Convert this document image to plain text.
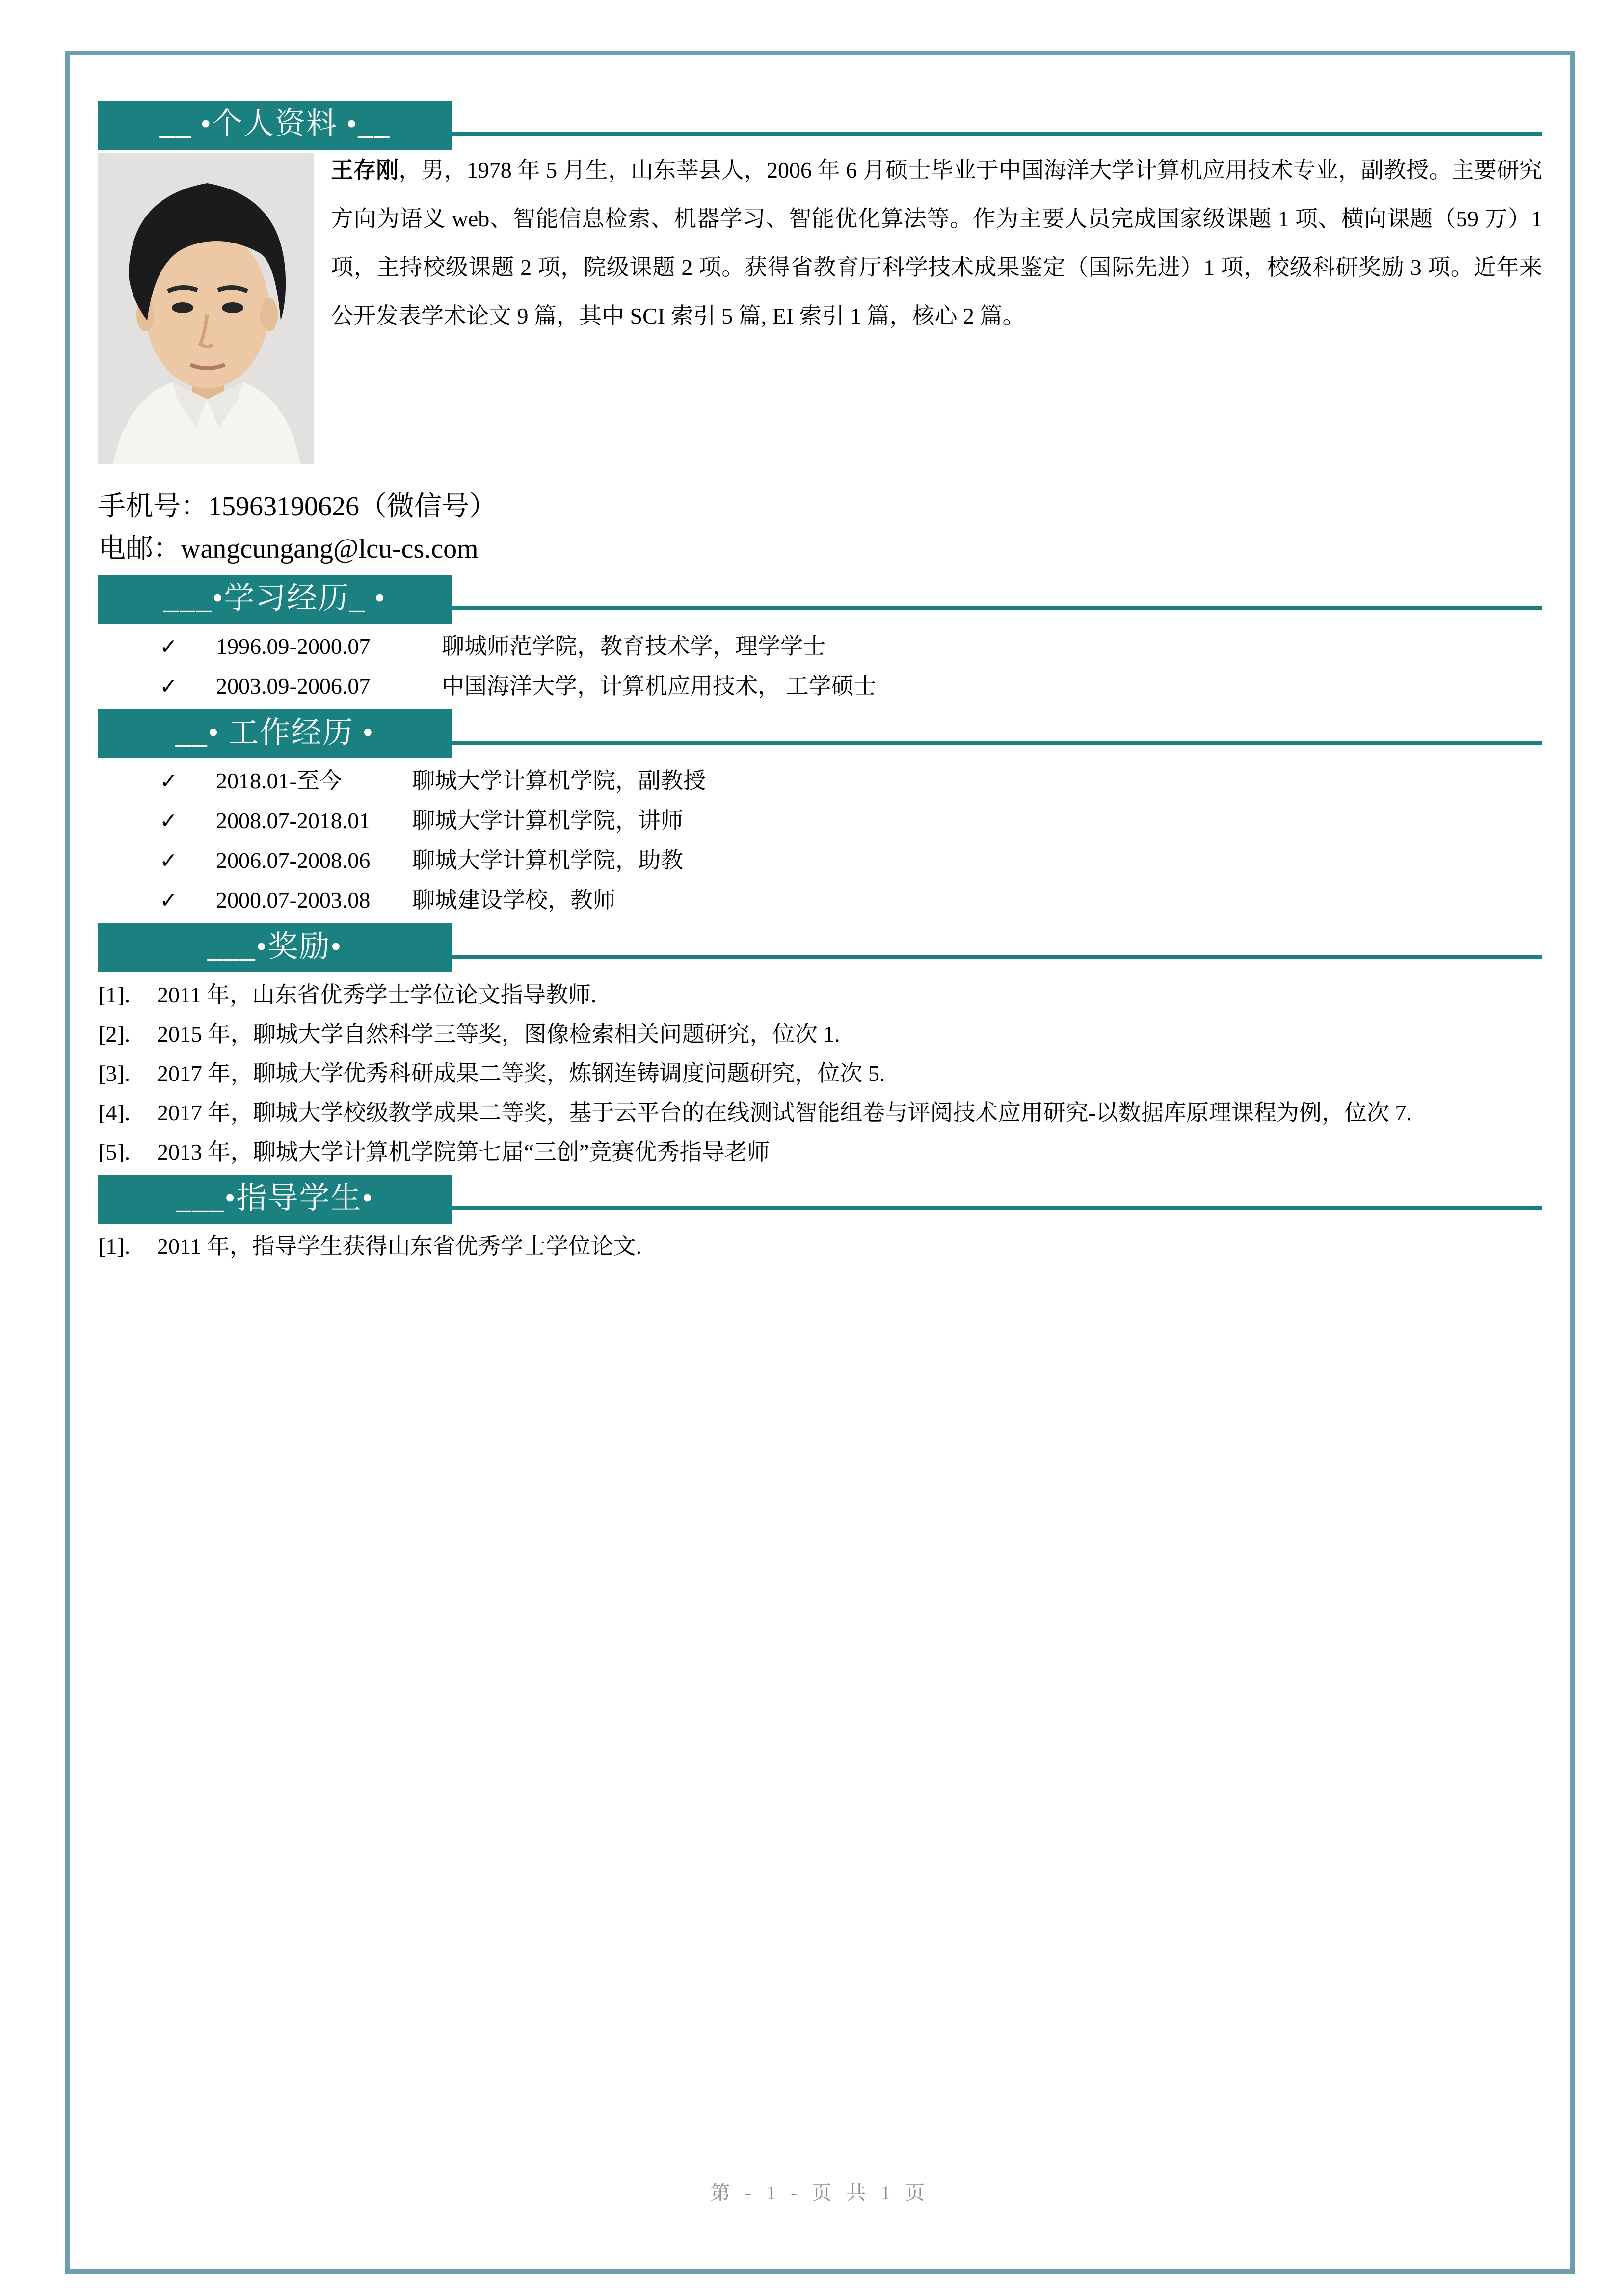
__ •个人资料 •__

王存刚，男，1978 年 5 月生，山东莘县人，2006 年 6 月硕士毕业于中国海洋大学计算机应用技术专业，副教授。主要研究方向为语义 web、智能信息检索、机器学习、智能优化算法等。作为主要人员完成国家级课题 1 项、横向课题（59 万）1 项，主持校级课题 2 项，院级课题 2 项。获得省教育厅科学技术成果鉴定（国际先进）1 项，校级科研奖励 3 项。近年来公开发表学术论文 9 篇，其中 SCI 索引 5 篇, EI 索引 1 篇，核心 2 篇。

手机号：15963190626（微信号）

电邮：wangcungang@lcu-cs.com

___•学习经历_ •
✓	1996.09-2000.07	聊城师范学院，教育技术学，理学学士
✓	2003.09-2006.07	中国海洋大学，计算机应用技术， 工学硕士
__• 工作经历 •
✓	2018.01-至今	聊城大学计算机学院，副教授
✓	2008.07-2018.01	聊城大学计算机学院，讲师
✓	2006.07-2008.06	聊城大学计算机学院，助教
✓	2000.07-2003.08	聊城建设学校，教师
___•奖励•
[1].	2011 年，山东省优秀学士学位论文指导教师.
[2].	2015 年，聊城大学自然科学三等奖，图像检索相关问题研究，位次 1.
[3].	2017 年，聊城大学优秀科研成果二等奖，炼钢连铸调度问题研究，位次 5.
[4].	2017 年，聊城大学校级教学成果二等奖，基于云平台的在线测试智能组卷与评阅技术应用研究-以数据库原理课程为例，位次 7.
[5].	2013 年，聊城大学计算机学院第七届“三创”竞赛优秀指导老师
___•指导学生•
[1].	2011 年，指导学生获得山东省优秀学士学位论文.
第 - 1 - 页 共 1 页
